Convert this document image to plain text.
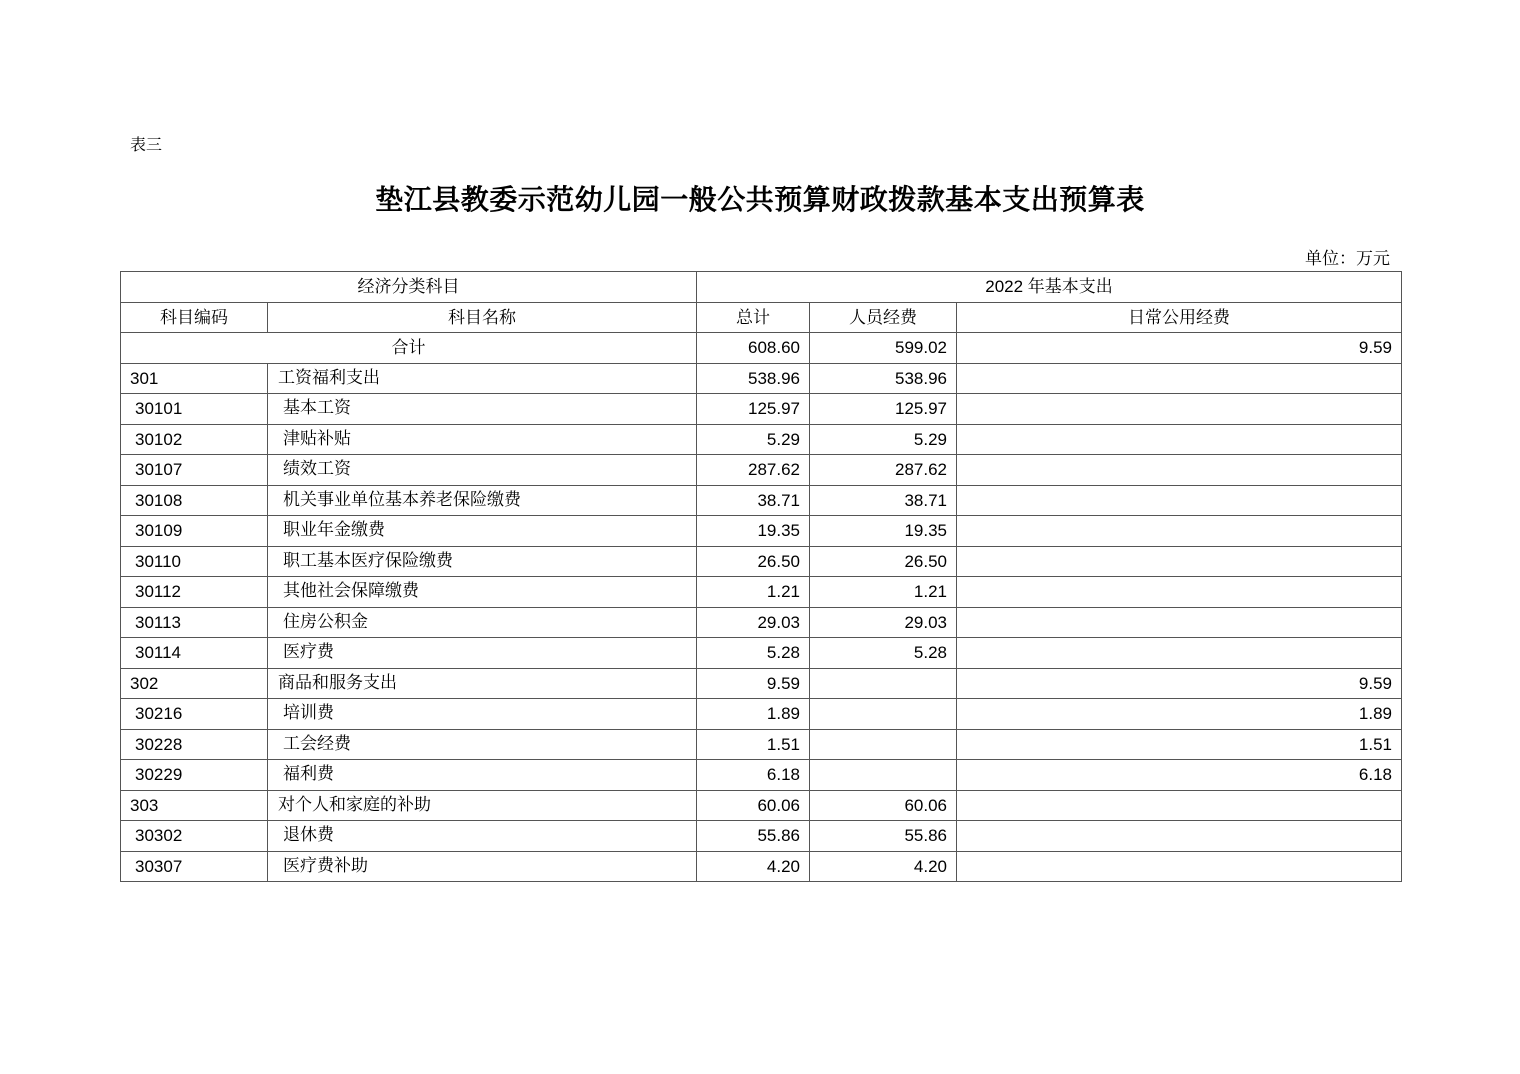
表三
垫江县教委示范幼儿园一般公共预算财政拨款基本支出预算表
单位：万元
经济分类科目		2022 年基本支出		
科目编码	科目名称	总计	人员经费	日常公用经费
合计		608.60	599.02	9.59
301	工资福利支出	538.96	538.96	
30101	基本工资	125.97	125.97	
30102	津贴补贴	5.29	5.29	
30107	绩效工资	287.62	287.62	
30108	机关事业单位基本养老保险缴费	38.71	38.71	
30109	职业年金缴费	19.35	19.35	
30110	职工基本医疗保险缴费	26.50	26.50	
30112	其他社会保障缴费	1.21	1.21	
30113	住房公积金	29.03	29.03	
30114	医疗费	5.28	5.28	
302	商品和服务支出	9.59		9.59
30216	培训费	1.89		1.89
30228	工会经费	1.51		1.51
30229	福利费	6.18		6.18
303	对个人和家庭的补助	60.06	60.06	
30302	退休费	55.86	55.86	
30307	医疗费补助	4.20	4.20	
